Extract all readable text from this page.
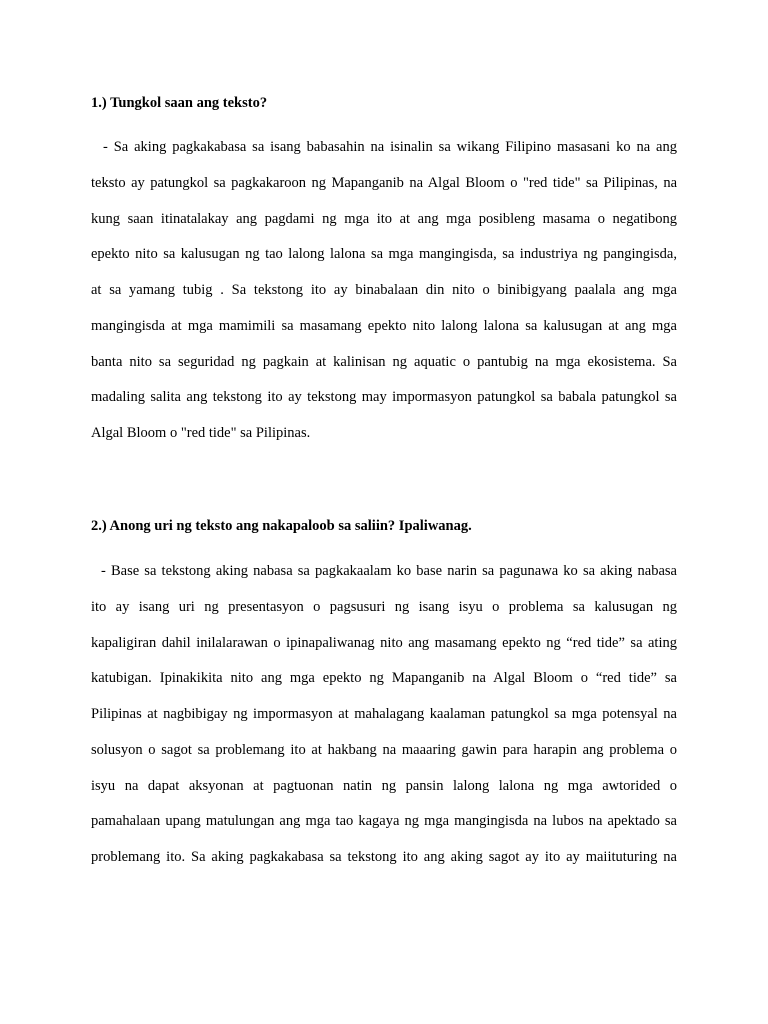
1.) Tungkol saan ang teksto?

- Sa aking pagkakabasa sa isang babasahin na isinalin sa wikang Filipino masasani ko na ang
teksto ay patungkol sa pagkakaroon ng Mapanganib na Algal Bloom o "red tide" sa Pilipinas, na
kung saan itinatalakay ang pagdami ng mga ito at ang mga posibleng masama o negatibong
epekto nito sa kalusugan ng tao lalong lalona sa mga mangingisda, sa industriya ng pangingisda,
at sa yamang tubig . Sa tekstong ito ay binabalaan din nito o binibigyang paalala ang mga
mangingisda at mga mamimili sa masamang epekto nito lalong lalona sa kalusugan at ang mga
banta nito sa seguridad ng pagkain at kalinisan ng aquatic o pantubig na mga ekosistema. Sa
madaling salita ang tekstong ito ay tekstong may impormasyon patungkol sa babala patungkol sa
Algal Bloom o "red tide" sa Pilipinas.

2.) Anong uri ng teksto ang nakapaloob sa saliin? Ipaliwanag.

- Base sa tekstong aking nabasa sa pagkakaalam ko base narin sa pagunawa ko sa aking nabasa
ito ay isang uri ng presentasyon o pagsusuri ng isang isyu o problema sa kalusugan ng
kapaligiran dahil inilalarawan o ipinapaliwanag nito ang masamang epekto ng “red tide” sa ating
katubigan. Ipinakikita nito ang mga epekto ng Mapanganib na Algal Bloom o “red tide” sa
Pilipinas at nagbibigay ng impormasyon at mahalagang kaalaman patungkol sa mga potensyal na
solusyon o sagot sa problemang ito at hakbang na maaaring gawin para harapin ang problema o
isyu na dapat aksyonan at pagtuonan natin ng pansin lalong lalona ng mga awtorided o
pamahalaan upang matulungan ang mga tao kagaya ng mga mangingisda na lubos na apektado sa
problemang ito. Sa aking pagkakabasa sa tekstong ito ang aking sagot ay ito ay maiituturing na
